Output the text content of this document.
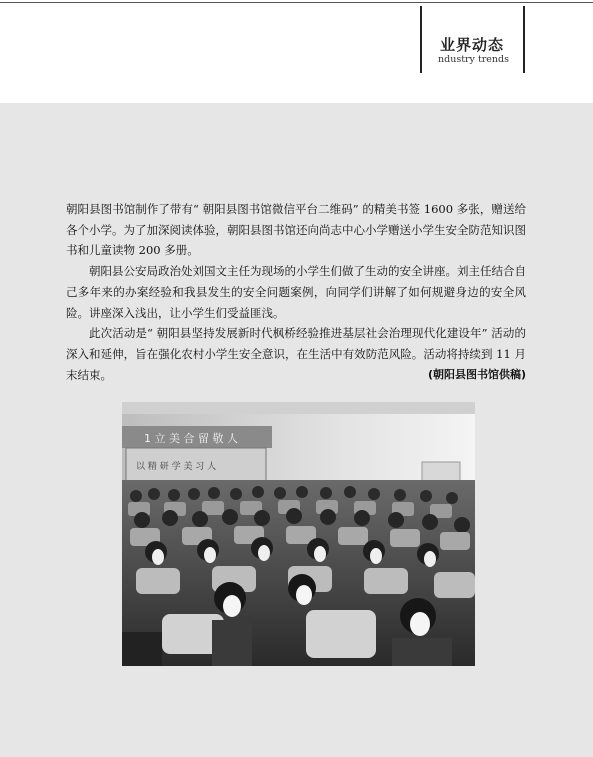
业界动态
ndustry trends

朝阳县图书馆制作了带有“ 朝阳县图书馆微信平台二维码” 的精美书签 1600 多张，赠送给各个小学。为了加深阅读体验，朝阳县图书馆还向尚志中心小学赠送小学生安全防范知识图书和儿童读物 200 多册。

朝阳县公安局政治处刘国文主任为现场的小学生们做了生动的安全讲座。刘主任结合自己多年来的办案经验和我县发生的安全问题案例，向同学们讲解了如何规避身边的安全风险。讲座深入浅出，让小学生们受益匪浅。

此次活动是“ 朝阳县坚持发展新时代枫桥经验推进基层社会治理现代化建设年” 活动的深入和延伸，旨在强化农村小学生安全意识，在生活中有效防范风险。活动将持续到 11 月末结束。	(朝阳县图书馆供稿)

1 立 美 合 留 敬 人
以 精 研 学 美 习 人
